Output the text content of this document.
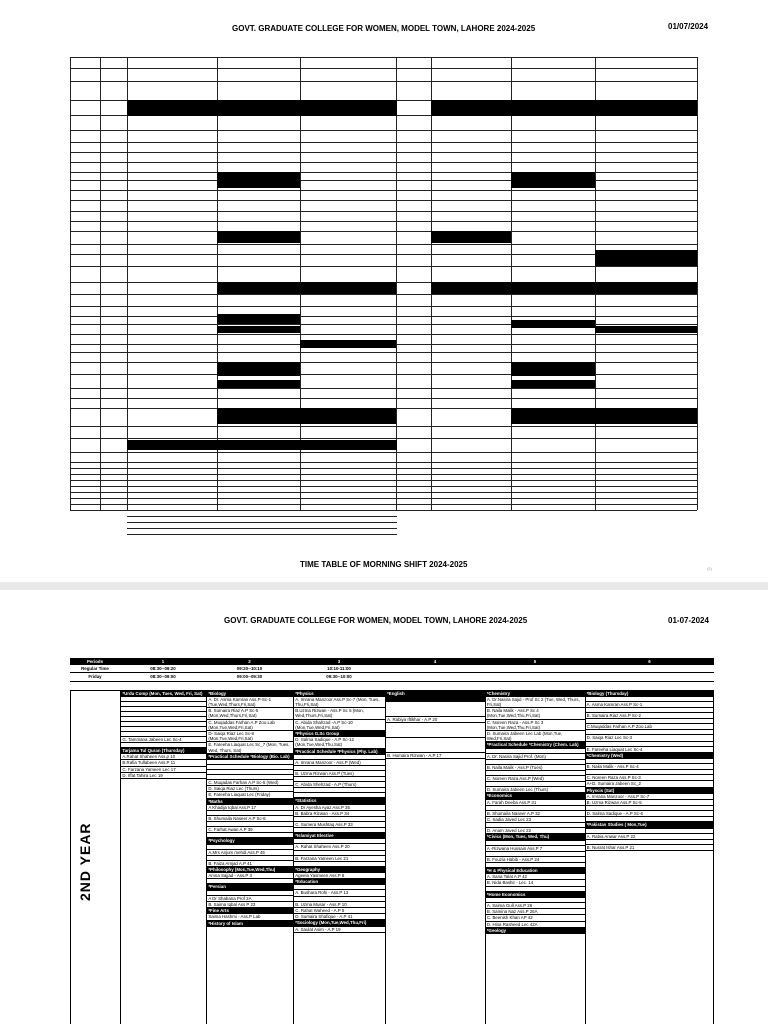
GOVT. GRADUATE COLLEGE FOR WOMEN, MODEL TOWN, LAHORE 2024-2025	01/07/2024
TIME TABLE OF MORNING SHIFT 2024-2025	(2)
GOVT. GRADUATE COLLEGE FOR WOMEN, MODEL TOWN, LAHORE 2024-2025	01-07-2024
Periods	1	2	3	4	5	6
Regular Time	08:30--09:20	09:20--10:10	10:10-11:00
Friday	08:30--09:00	09:00--09:30	09:30--10:00
2ND YEAR
*Urdu Comp (Mon, Tues, Wed, Fri, Sat)
G. Tammana Jabeen Lec Sc-4
Tarjama Tul Quran (Thursday)
A.Rahat Shaheen Ass.p 10
B.Rafia Tullabeen Ass.P 11
C. Farzana Yameen Lec 17
D. Iffat Tahira Lec 19
*Biology
A. Dr. Asma Kamran Ass.P-Sc-1 (Tue,Wed,Thurs,Fri,Sat)
B. Sumaira Riaz A.P Sc-5 (Mon,Wed,Thurs,Fri,Sat)
C. Muqaddas Farhan A.P Zoo.Lab (Mon,Tue,Wed,Fri,Sat)
D- Saiqa Riaz Lec Sc-8 (Mon,Tue,Wed,Fri,Sat)
E. Fareeha Liaquat Lec Sc_7 (Mon, Tues, Wed, Thurs, Sat)
*Practical Schedule *Biology (Bio. Lab)
C. Muqadas Farhan A.P Sc-5 (Wed)
D. Saiqa Riaz Lec (Thurs)
E. Fareeha Liaquat Lec (Friday)
*Maths
A Khadija Iqbal Ass.P 17
B. Shumaila Naseer A.P Sc-6
C. Farhat Awan A.P 39
*Psychology
A.Mrs Anjum mehdi Ass.P 45
B. Faiza Amjad A.P 41
*Philosophy (Mon,Tue,Wed,Thu)
Amna Sajjad - Ass.P 3
*Persian
A Dr Shabana Prof 2A
B. Saima Iqbal Ass P 23
*Fine Arts
Saima Hashmi - Ass.P Lab
*History of Islam
*Physics
A. Imrana Manzoor Ass.P Sc-7 (Mon, Tues, Thu,Fri,Sat)
B.Uzma Rizwan - Ass.P Sc 5 (Mon, Wed,Thurs,Fri,Sat)
C. Abida Shahzad -A.P Sc-10 (Mon,Tue,Wed,Fri,Sat)
*Physics G.Sc Group
D. Salma Sadique - A.P Sc-12 (Mon,Tue,Wed,Thu,Sat)
*Practical Schedule *Physics (Phy. Lab)
A. Imrana Manzoor - Ass.P (Wed)
B. Uzma Rizwan Ass.P (Tues)
C. Abida Shehzad - A.P (Thurs)
*Statistics
A. Dr Ayesha Ayaz Ass.P 35
B. Babra Rizwan - Ass.P 34
C. Sumera Mushtaq Ass.P 33
*Islamiyat Elective
A. Rahat Shaheen Ass.P 20
B. Farzana Yameen Lec 21
*Geography
Ageela Yasmeen Ass.P 8
*Education
A. Bushara Rohi - Ass.P 13
B. Uzma Musar - Ass.P 10
C. Rahat Waheed - A.P 5
D. Sumaira Shafique - A.P 41
*Sociology (Mon,Tue,Wed,Thu,Fri)
A. Saulat Asim - A.P 19
*English
A. Rabiya Iftikhar - A.P 20
B. Humaira Rizwan - A.P 17
*Chemistry
A. Dr.Nasira Sajid - Prof Sc 2 (Tue, Wed, Thurs, Fri,Sat)
B. Naila Malik - Ass.P Sc 4 (Mon,Tue,Wed,Thu,Fri,Sat)
C. Noreen Raza - Ass.P Sc 3 (Mon,Tue,Wed,Thu,Fri,Sat)
D. Sumaira Jabeen Lec Lab (Mon,Tue, Wed,Fri,Sat)
*Practical Schedule *Chemistry (Chem. Lab)
A. Dr. Nasira Sajid Prof. (Mon)
B. Naila Malik - Ass.P (Tues)
C. Noreen Raza Ass.P (Wed)
D. Sumaira Jabeen Lec (Thurs)
*Economics
A. Farah Deeba Ass.P 31
B. Shumaila Naseer A.P 32
C. Sadia Javed Lec 23
D. Anam Javed Lec 22
*Civics (Mon, Tues, Wed, Thu)
A -Rizwana Hussain Ass.P 7
B. Fouzia Habib - Ass.P 24
*H & Physical Education
A. Sana Talat A.P 42
B. Nida Bashir - Lec. 14
*Home Economics
A. Saima Gull Ass.P 26
B. Samina Naz Ass.P 26A
C. Beenish Khan AP 42
D. Hina Rasheed Lec 42A
*Geology
*Biology (Thursday)
A. Asma Kamran Ass.P Sc-1
B. Sumaira Riaz Ass.P Sc-2
C.Muqaddas Farhan A.P Zoo.Lab
D. Saiqa Riaz Lec Sc-3
E. Fareeha Liaquat Lec Sc-4
*Chemistry (Wed)
B. Naila Malik - Ass.P Sc-4
C. Noreen Raza Ass.P Sc-3
A+D. Sumaira Jabeen Sc_2
Physcis (Sat)
A. Imrana Manzoor - Ass.P Sc-7
B. Uzma Rizwan Ass.P Sc-5
D. Salma Sadique - A.P Sc-6
*Pakistan Studies ( Mon,Tue)
A. Rabia Anwar Ass.P 22
B. Nusrat Ishar Ass.P 21
